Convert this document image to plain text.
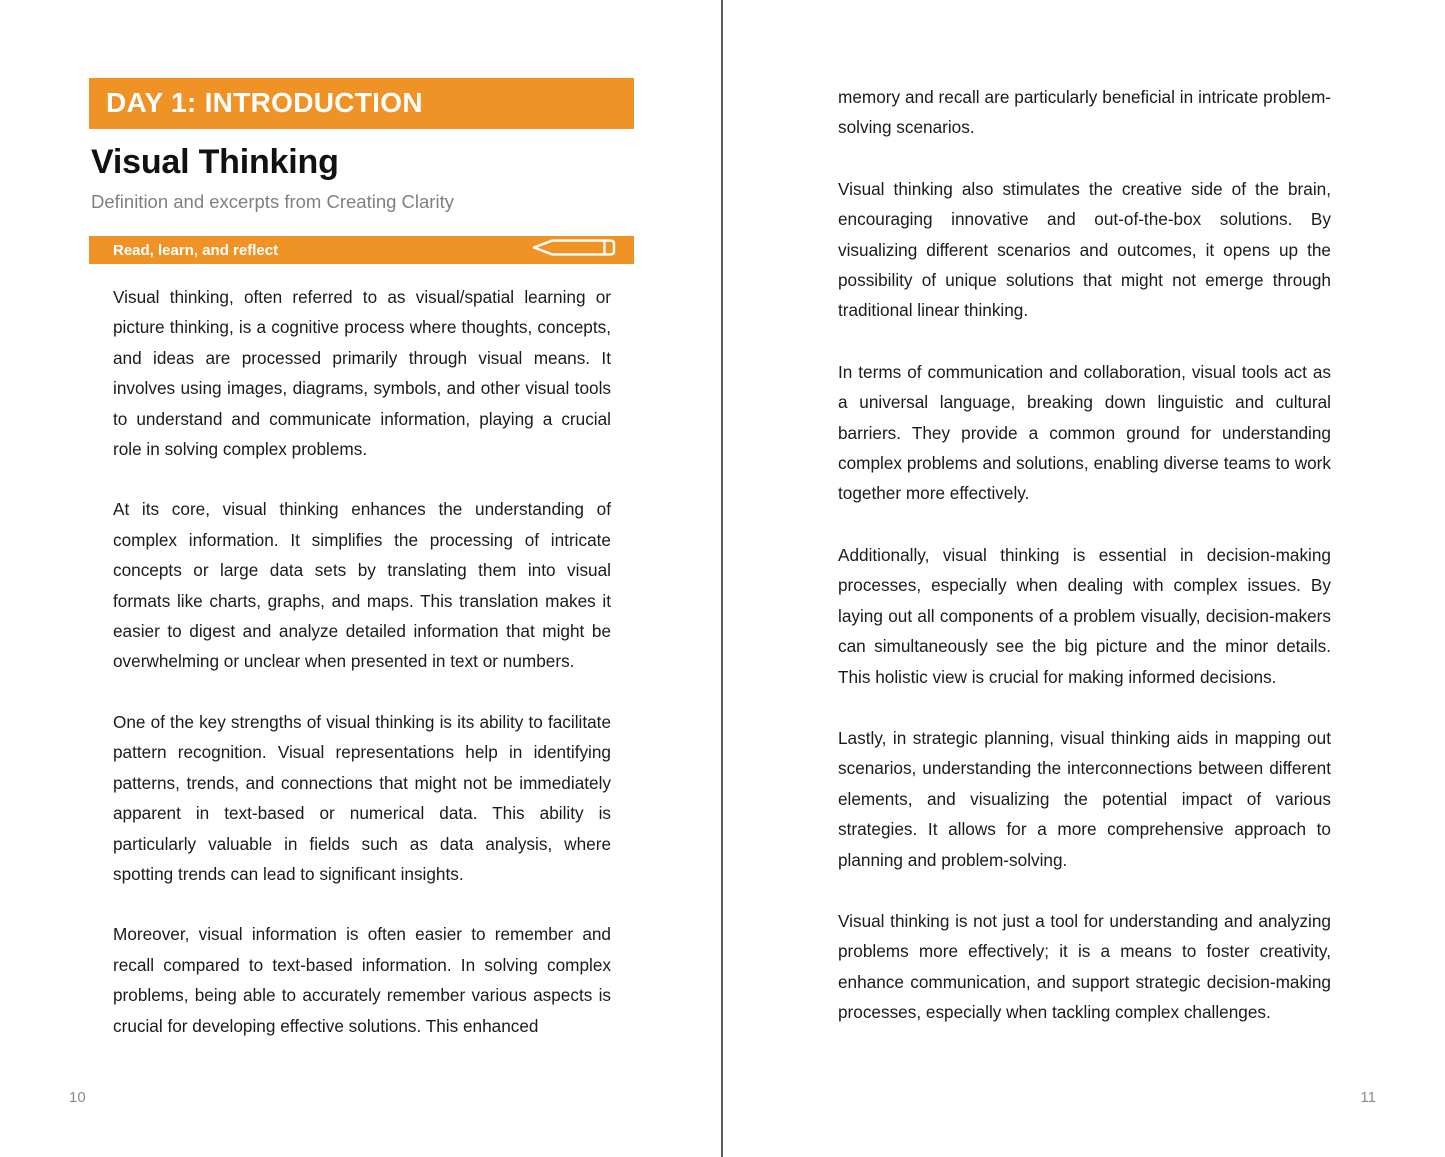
DAY 1: INTRODUCTION
Visual Thinking
Definition and excerpts from Creating Clarity
Read, learn, and reflect

Visual thinking, often referred to as visual/spatial learning or picture thinking, is a cognitive process where thoughts, concepts, and ideas are processed primarily through visual means. It involves using images, diagrams, symbols, and other visual tools to understand and communicate information, playing a crucial role in solving complex problems.

At its core, visual thinking enhances the understanding of complex information. It simplifies the processing of intricate concepts or large data sets by translating them into visual formats like charts, graphs, and maps. This translation makes it easier to digest and analyze detailed information that might be overwhelming or unclear when presented in text or numbers.

One of the key strengths of visual thinking is its ability to facilitate pattern recognition. Visual representations help in identifying patterns, trends, and connections that might not be immediately apparent in text-based or numerical data. This ability is particularly valuable in fields such as data analysis, where spotting trends can lead to significant insights.

Moreover, visual information is often easier to remember and recall compared to text-based information. In solving complex problems, being able to accurately remember various aspects is crucial for developing effective solutions. This enhanced

10

memory and recall are particularly beneficial in intricate problem-solving scenarios.

Visual thinking also stimulates the creative side of the brain, encouraging innovative and out-of-the-box solutions. By visualizing different scenarios and outcomes, it opens up the possibility of unique solutions that might not emerge through traditional linear thinking.

In terms of communication and collaboration, visual tools act as a universal language, breaking down linguistic and cultural barriers. They provide a common ground for understanding complex problems and solutions, enabling diverse teams to work together more effectively.

Additionally, visual thinking is essential in decision-making processes, especially when dealing with complex issues. By laying out all components of a problem visually, decision-makers can simultaneously see the big picture and the minor details. This holistic view is crucial for making informed decisions.

Lastly, in strategic planning, visual thinking aids in mapping out scenarios, understanding the interconnections between different elements, and visualizing the potential impact of various strategies. It allows for a more comprehensive approach to planning and problem-solving.

Visual thinking is not just a tool for understanding and analyzing problems more effectively; it is a means to foster creativity, enhance communication, and support strategic decision-making processes, especially when tackling complex challenges.

11
